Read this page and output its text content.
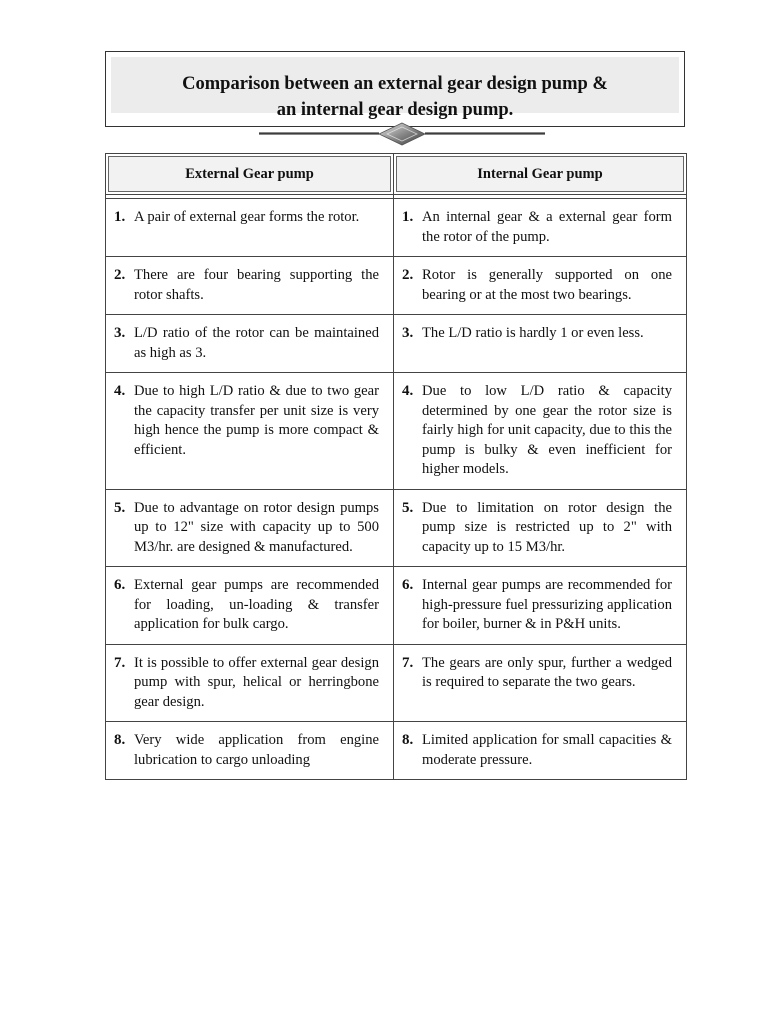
Comparison between an external gear design pump &
an internal gear design pump.
External Gear pump	Internal Gear pump

1. A pair of external gear forms the rotor.	1. An internal gear & a external gear form the rotor of the pump.

2. There are four bearing supporting the rotor shafts.	2. Rotor is generally supported on one bearing or at the most two bearings.

3. L/D ratio of the rotor can be maintained as high as 3.	3. The L/D ratio is hardly 1 or even less.

4. Due to high L/D ratio & due to two gear the capacity transfer per unit size is very high hence the pump is more compact & efficient.	4. Due to low L/D ratio & capacity determined by one gear the rotor size is fairly high for unit capacity, due to this the pump is bulky & even inefficient for higher models.

5. Due to advantage on rotor design pumps up to 12" size with capacity up to 500 M3/hr. are designed & manufactured.	5. Due to limitation on rotor design the pump size is restricted up to 2" with capacity up to 15 M3/hr.

6. External gear pumps are recommended for loading, un-loading & transfer application for bulk cargo.	6. Internal gear pumps are recommended for high-pressure fuel pressurizing application for boiler, burner & in P&H units.

7. It is possible to offer external gear design pump with spur, helical or herringbone gear design.	7. The gears are only spur, further a wedged is required to separate the two gears.

8. Very wide application from engine lubrication to cargo unloading	8. Limited application for small capacities & moderate pressure.
